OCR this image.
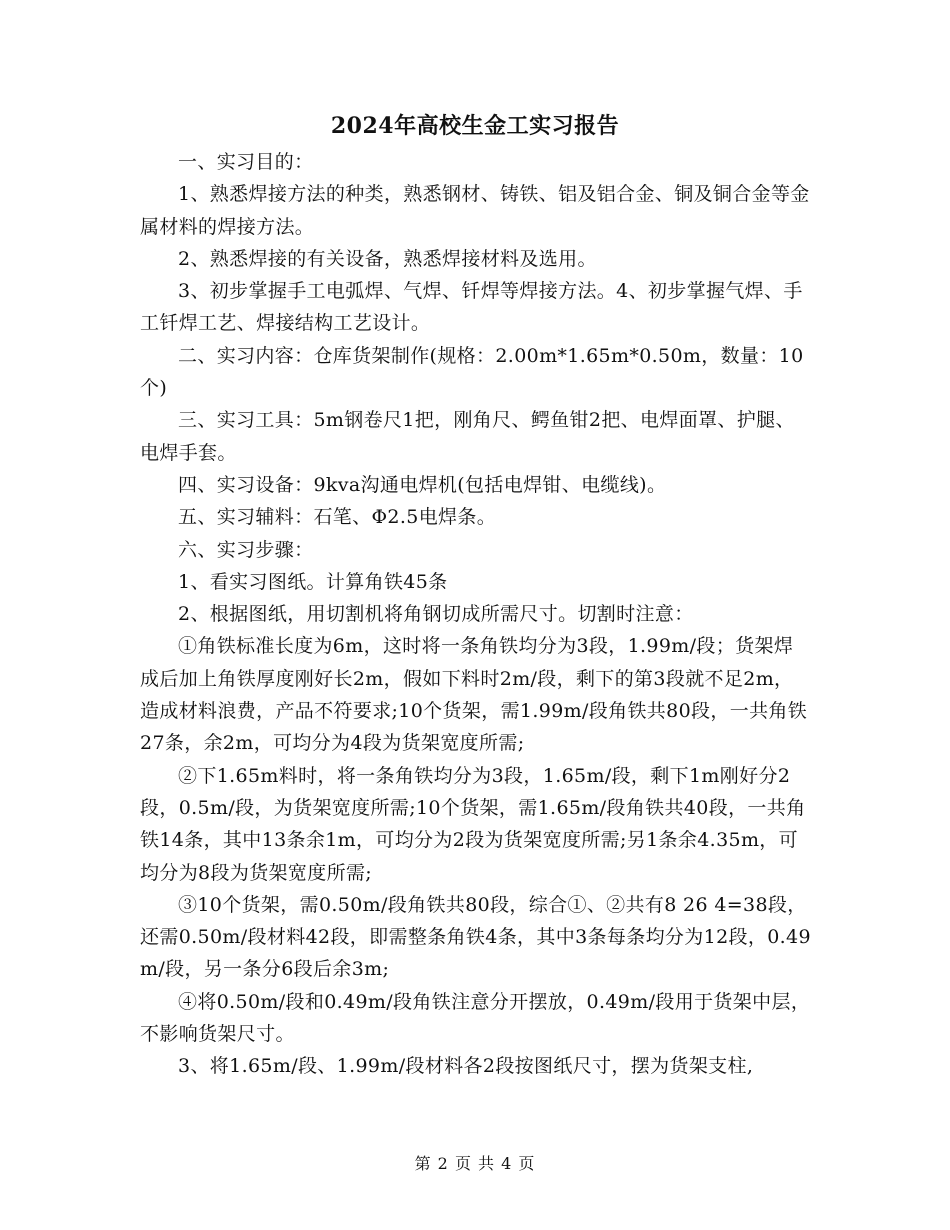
2024年高校生金工实习报告

一、实习目的：

1、熟悉焊接方法的种类，熟悉钢材、铸铁、铝及铝合金、铜及铜合金等金属材料的焊接方法。

2、熟悉焊接的有关设备，熟悉焊接材料及选用。

3、初步掌握手工电弧焊、气焊、钎焊等焊接方法。4、初步掌握气焊、手工钎焊工艺、焊接结构工艺设计。

二、实习内容：仓库货架制作(规格：2.00m*1.65m*0.50m，数量：10个)

三、实习工具：5m钢卷尺1把，刚角尺、鳄鱼钳2把、电焊面罩、护腿、电焊手套。

四、实习设备：9kva沟通电焊机(包括电焊钳、电缆线)。

五、实习辅料：石笔、Φ2.5电焊条。

六、实习步骤：

1、看实习图纸。计算角铁45条

2、根据图纸，用切割机将角钢切成所需尺寸。切割时注意：

①角铁标准长度为6m，这时将一条角铁均分为3段，1.99m/段；货架焊成后加上角铁厚度刚好长2m，假如下料时2m/段，剩下的第3段就不足2m，造成材料浪费，产品不符要求;10个货架，需1.99m/段角铁共80段，一共角铁27条，余2m，可均分为4段为货架宽度所需;

②下1.65m料时，将一条角铁均分为3段，1.65m/段，剩下1m刚好分2段，0.5m/段，为货架宽度所需;10个货架，需1.65m/段角铁共40段，一共角铁14条，其中13条余1m，可均分为2段为货架宽度所需;另1条余4.35m，可均分为8段为货架宽度所需;

③10个货架，需0.50m/段角铁共80段，综合①、②共有8 26 4=38段，还需0.50m/段材料42段，即需整条角铁4条，其中3条每条均分为12段，0.49m/段，另一条分6段后余3m;

④将0.50m/段和0.49m/段角铁注意分开摆放，0.49m/段用于货架中层，不影响货架尺寸。

3、将1.65m/段、1.99m/段材料各2段按图纸尺寸，摆为货架支柱,

第 2 页 共 4 页
